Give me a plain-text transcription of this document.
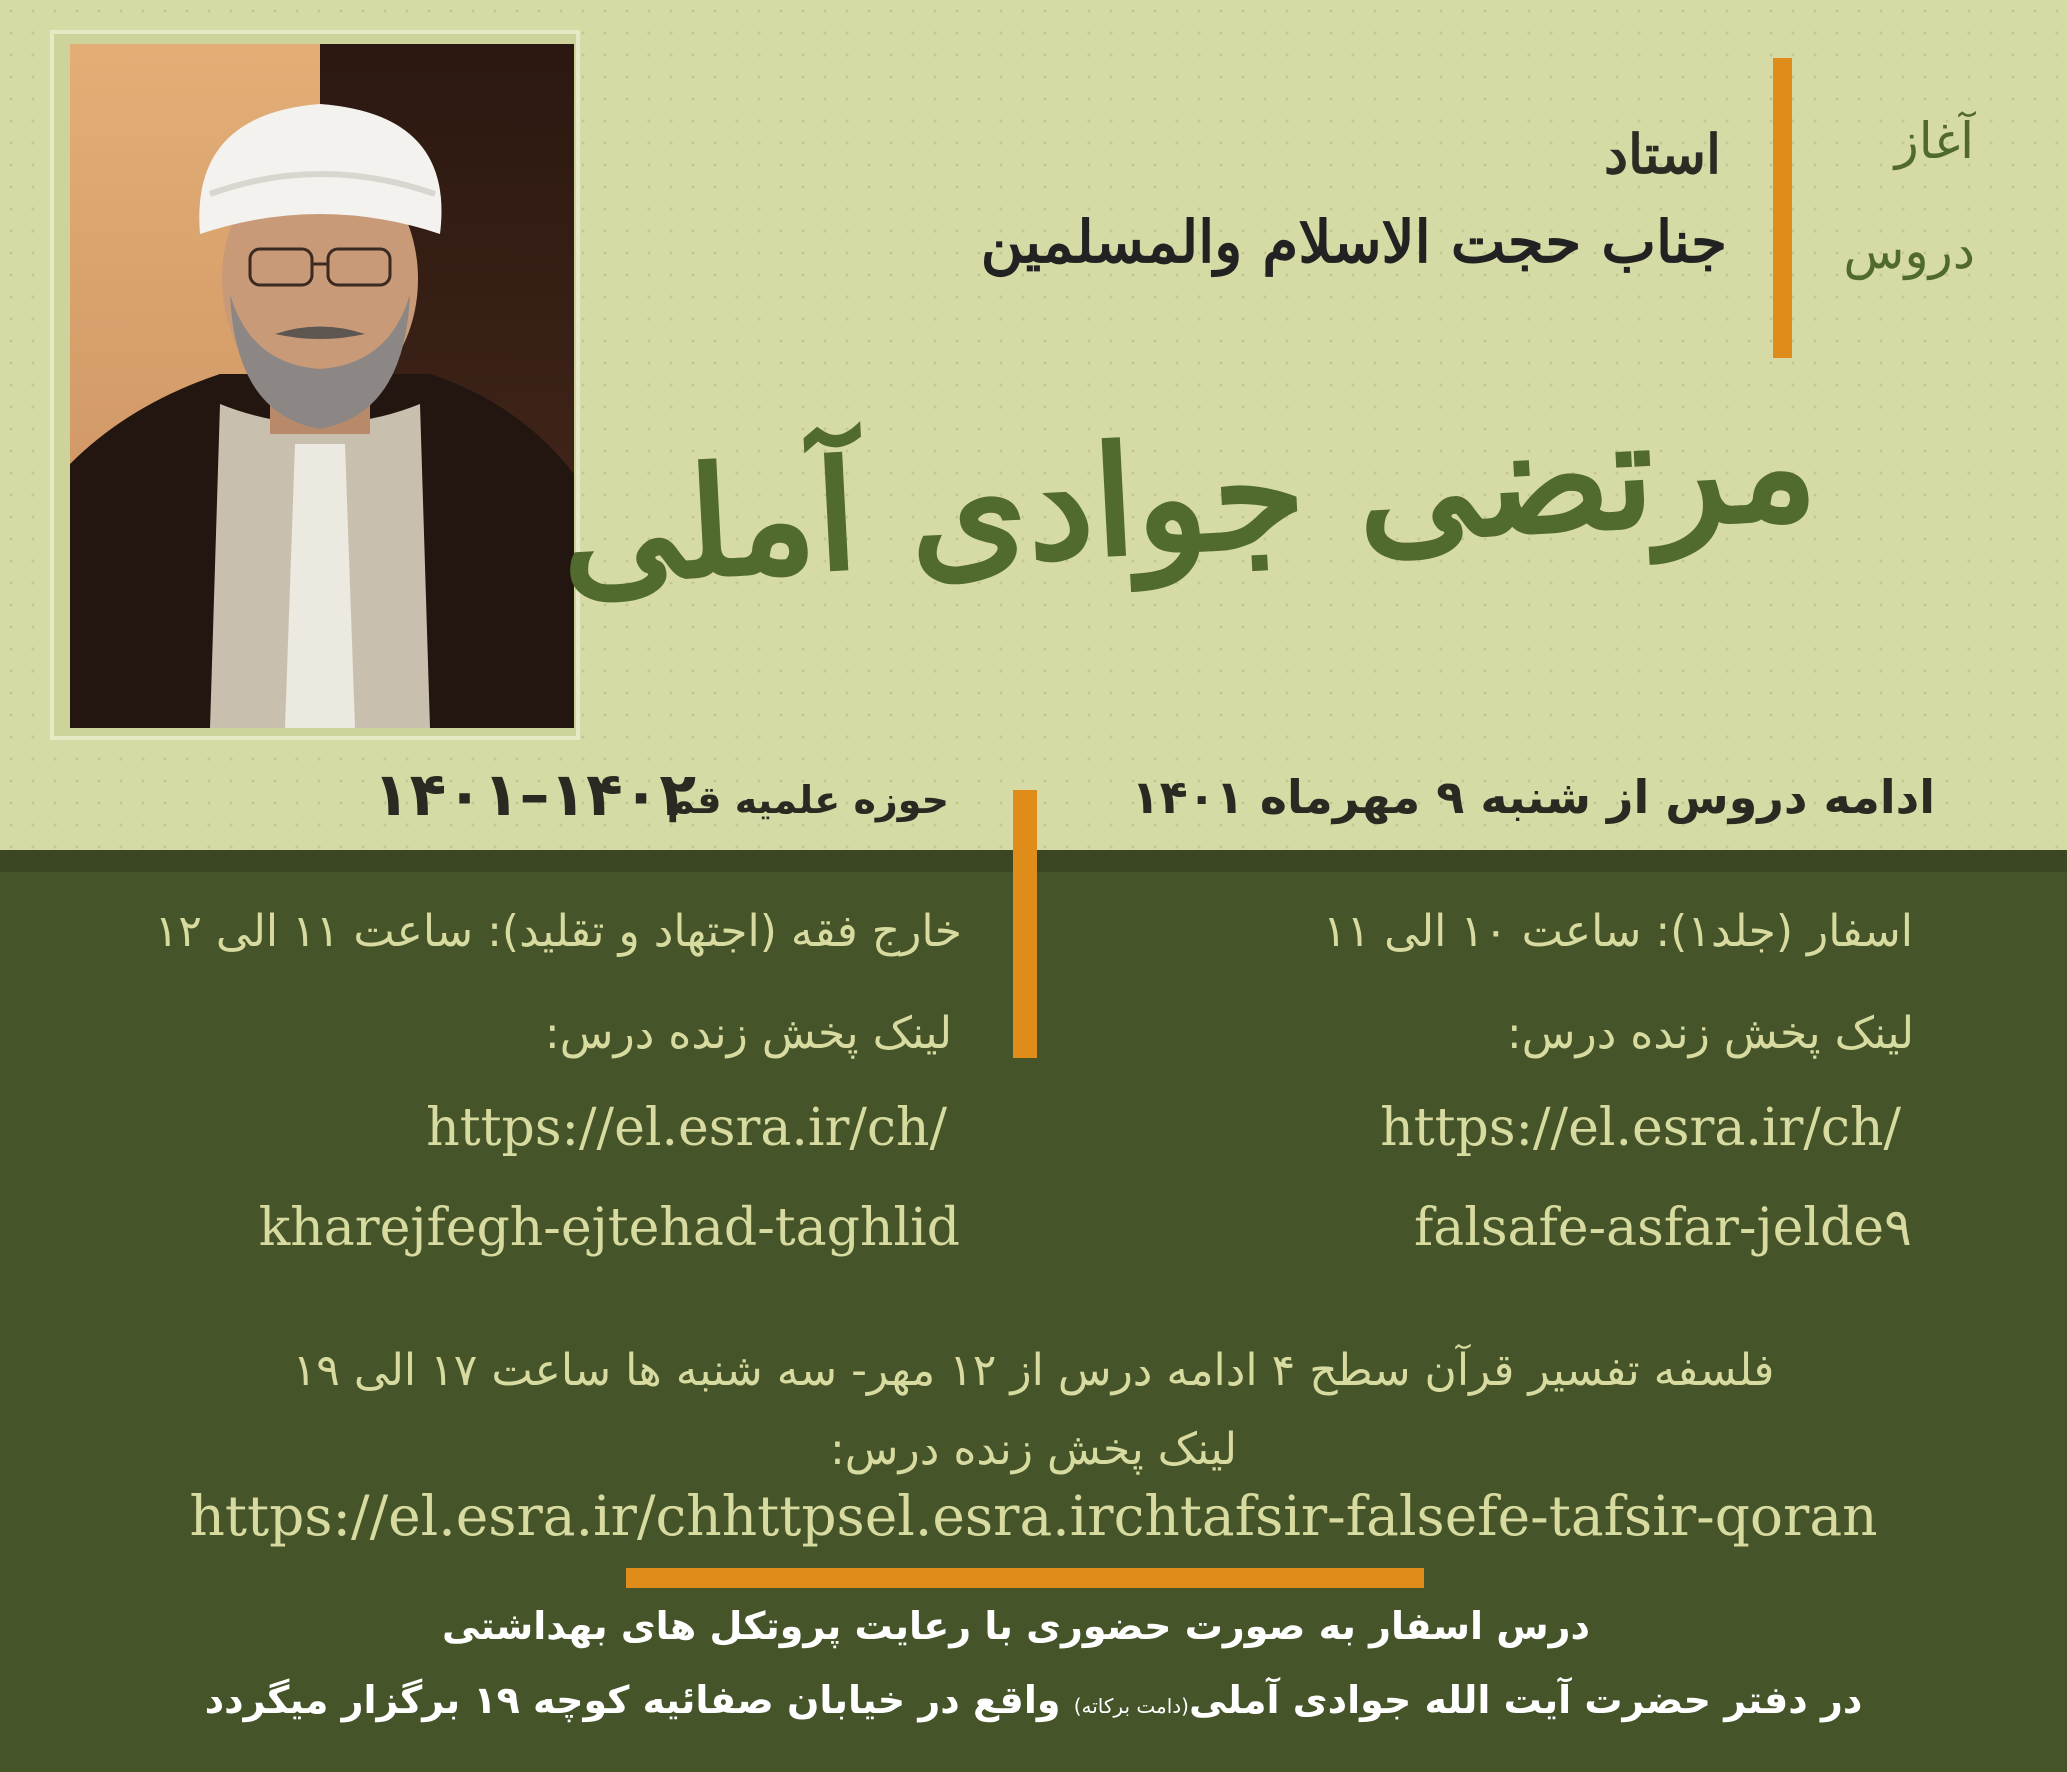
آغاز
دروس
استاد
جناب حجت الاسلام والمسلمین
مرتضی جوادی آملی
حوزه علمیه قم
۱۴۰۱–۱۴۰۲	ادامه دروس از شنبه ۹ مهرماه ۱۴۰۱
اسفار (جلد۱): ساعت ۱۰ الی ۱۱
لینک پخش زنده درس:
https://el.esra.ir/ch/
falsafe-asfar-jelde۹
خارج فقه (اجتهاد و تقلید): ساعت ۱۱ الی ۱۲
لینک پخش زنده درس:
https://el.esra.ir/ch/
kharejfegh-ejtehad-taghlid
فلسفه تفسیر قرآن سطح ۴ ادامه درس از ۱۲ مهر- سه شنبه ها ساعت ۱۷ الی ۱۹
لینک پخش زنده درس:
https://el.esra.ir/chhttpsel.esra.irchtafsir-falsefe-tafsir-qoran
درس اسفار به صورت حضوری با رعایت پروتکل های بهداشتی
در دفتر حضرت آیت الله جوادی آملی(دامت برکاته) واقع در خیابان صفائیه کوچه ۱۹ برگزار میگردد
